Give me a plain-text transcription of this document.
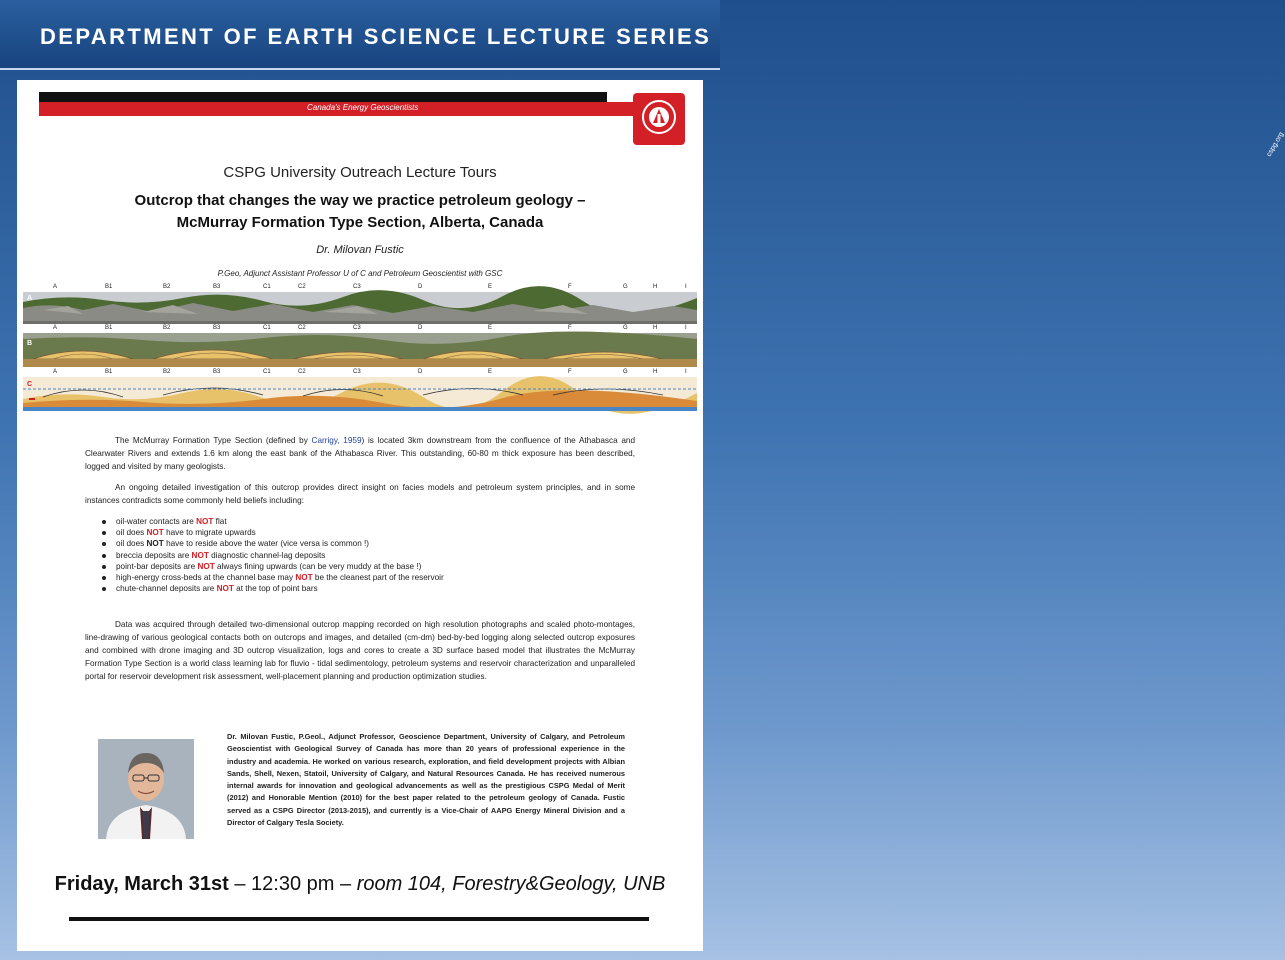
DEPARTMENT OF EARTH SCIENCE LECTURE SERIES
Canada's Energy Geoscientists
cspg.org
CSPG University Outreach Lecture Tours
Outcrop that changes the way we practice petroleum geology –
McMurray Formation Type Section, Alberta, Canada
Dr. Milovan Fustic
P.Geo, Adjunct Assistant Professor U of C and Petroleum Geoscientist with GSC
A	B1	B2	B3	C1	C2	C3	D	E	F	G	H	I
A
A	B1	B2	B3	C1	C2	C3	D	E	F	G	H	I
B
A	B1	B2	B3	C1	C2	C3	D	E	F	G	H	I
C
The McMurray Formation Type Section (defined by Carrigy, 1959) is located 3km downstream from the confluence of the Athabasca and Clearwater Rivers and extends 1.6 km along the east bank of the Athabasca River. This outstanding, 60-80 m thick exposure has been described, logged and visited by many geologists.
An ongoing detailed investigation of this outcrop provides direct insight on facies models and petroleum system principles, and in some instances contradicts some commonly held beliefs including:
oil-water contacts are NOT flat
oil does NOT have to migrate upwards
oil does NOT have to reside above the water (vice versa is common !)
breccia deposits are NOT diagnostic channel-lag deposits
point-bar deposits are NOT always fining upwards (can be very muddy at the base !)
high-energy cross-beds at the channel base may NOT be the cleanest part of the reservoir
chute-channel deposits are NOT at the top of point bars
Data was acquired through detailed two-dimensional outcrop mapping recorded on high resolution photographs and scaled photo-montages, line-drawing of various geological contacts both on outcrops and images, and detailed (cm-dm) bed-by-bed logging along selected outcrop exposures and combined with drone imaging and 3D outcrop visualization, logs and cores to create a 3D surface based model that illustrates the McMurray Formation Type Section is a world class learning lab for fluvio - tidal sedimentology, petroleum systems and reservoir characterization and unparalleled portal for reservoir development risk assessment, well-placement planning and production optimization studies.
Dr. Milovan Fustic, P.Geol., Adjunct Professor, Geoscience Department, University of Calgary, and Petroleum Geoscientist with Geological Survey of Canada has more than 20 years of professional experience in the industry and academia. He worked on various research, exploration, and field development projects with Albian Sands, Shell, Nexen, Statoil, University of Calgary, and Natural Resources Canada. He has received numerous internal awards for innovation and geological advancements as well as the prestigious CSPG Medal of Merit (2012) and Honorable Mention (2010) for the best paper related to the petroleum geology of Canada. Fustic served as a CSPG Director (2013-2015), and currently is a Vice-Chair of AAPG Energy Mineral Division and a Director of Calgary Tesla Society.
Friday, March 31st – 12:30 pm – room 104, Forestry&Geology, UNB
